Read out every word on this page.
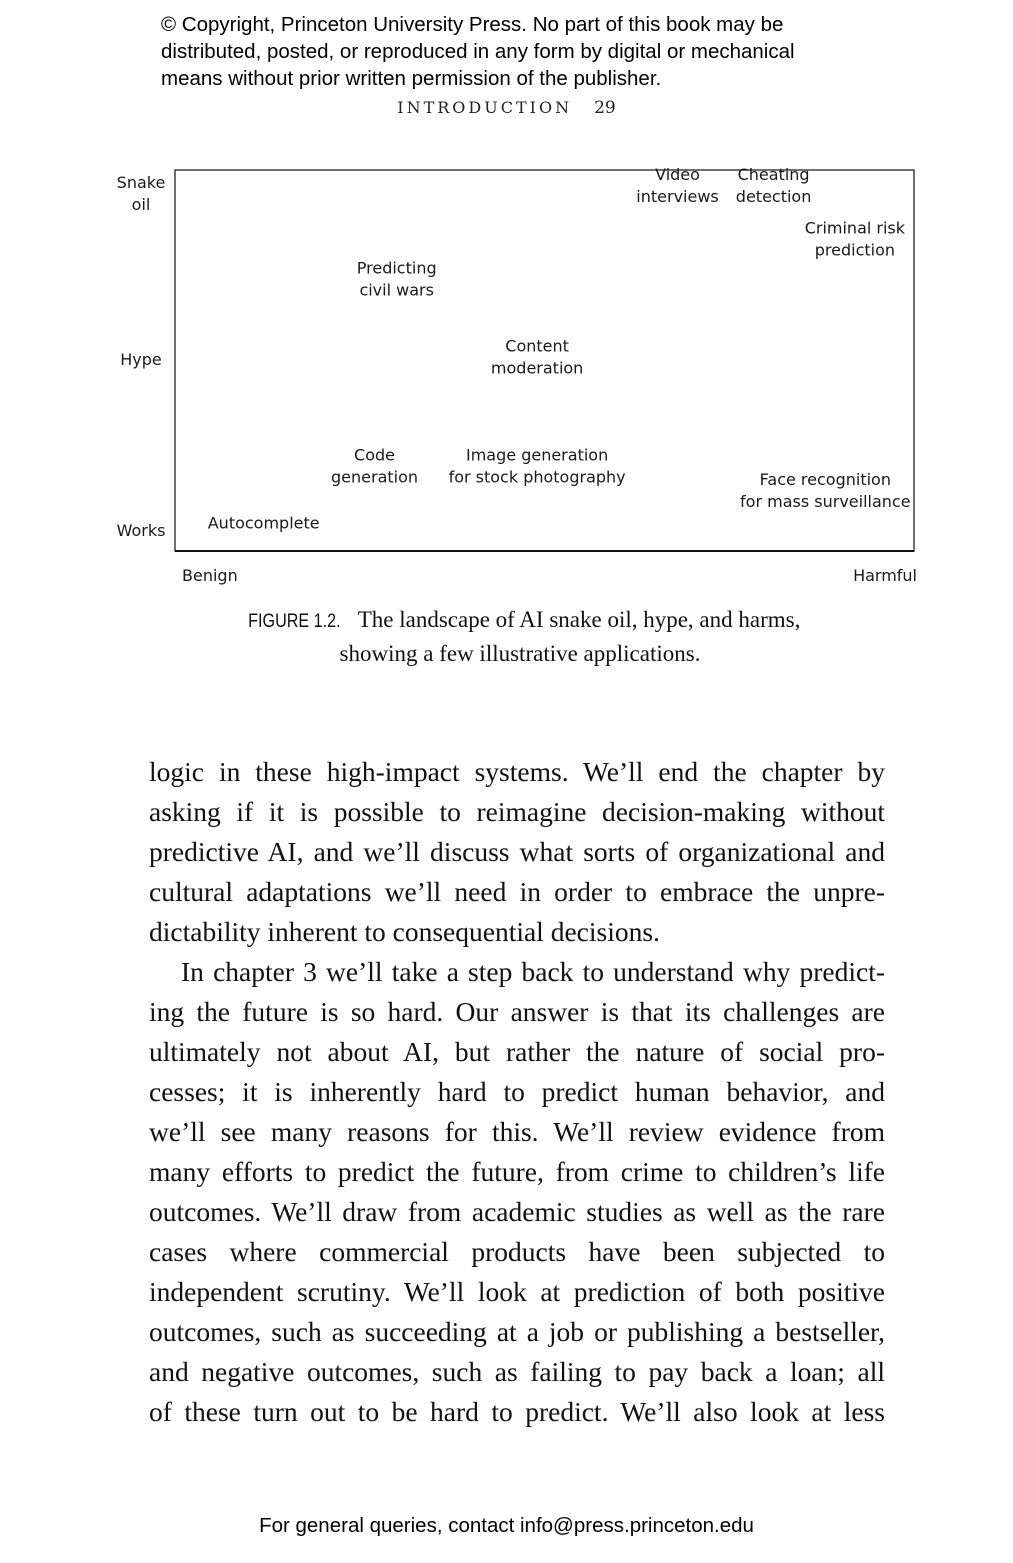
© Copyright, Princeton University Press. No part of this book may be
distributed, posted, or reproduced in any form by digital or mechanical
means without prior written permission of the publisher.
INTRODUCTION 29
Snake oil
Hype
Works
Benign	Harmful
Video interviews
Cheating detection
Criminal risk prediction
Predicting civil wars
Content moderation
Code generation
Image generation for stock photography	Face recognition for mass surveillance
Autocomplete
FIGURE 1.2. The landscape of AI snake oil, hype, and harms,
showing a few illustrative applications.
logic in these high-impact systems. We’ll end the chapter by
asking if it is possible to reimagine decision-making without
predictive AI, and we’ll discuss what sorts of organizational and
cultural adaptations we’ll need in order to embrace the unpre-
dictability inherent to consequential decisions.
In chapter 3 we’ll take a step back to understand why predict-
ing the future is so hard. Our answer is that its challenges are
ultimately not about AI, but rather the nature of social pro-
cesses; it is inherently hard to predict human behavior, and
we’ll see many reasons for this. We’ll review evidence from
many efforts to predict the future, from crime to children’s life
outcomes. We’ll draw from academic studies as well as the rare
cases where commercial products have been subjected to
independent scrutiny. We’ll look at prediction of both positive
outcomes, such as succeeding at a job or publishing a bestseller,
and negative outcomes, such as failing to pay back a loan; all
of these turn out to be hard to predict. We’ll also look at less
For general queries, contact info@press.princeton.edu
